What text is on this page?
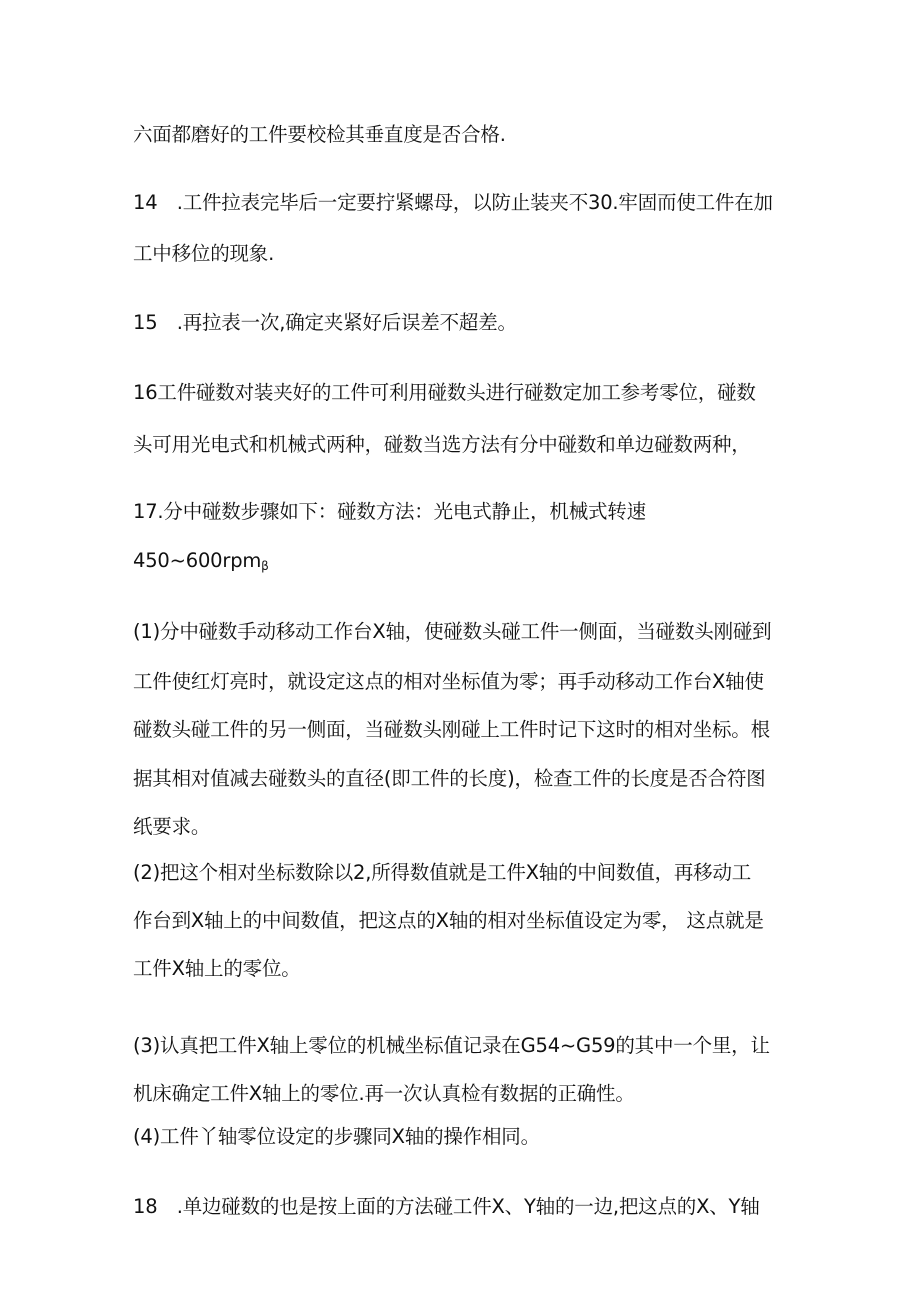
六面都磨好的工件要校检其垂直度是否合格.
14　.工件拉表完毕后一定要拧紧螺母，以防止装夹不30.牢固而使工件在加
工中移位的现象.
15　.再拉表一次,确定夹紧好后误差不超差。
16工件碰数对装夹好的工件可利用碰数头进行碰数定加工参考零位，碰数
头可用光电式和机械式两种，碰数当选方法有分中碰数和单边碰数两种，
17.分中碰数步骤如下：碰数方法：光电式静止，机械式转速
450~600rpm$_\beta$
(1)分中碰数手动移动工作台X轴，使碰数头碰工件一侧面，当碰数头刚碰到
工件使红灯亮时，就设定这点的相对坐标值为零；再手动移动工作台X轴使
碰数头碰工件的另一侧面，当碰数头刚碰上工件时记下这时的相对坐标。根
据其相对值减去碰数头的直径(即工件的长度)，检查工件的长度是否合符图
纸要求。
(2)把这个相对坐标数除以2,所得数值就是工件X轴的中间数值，再移动工
作台到X轴上的中间数值，把这点的X轴的相对坐标值设定为零， 这点就是
工件X轴上的零位。
(3)认真把工件X轴上零位的机械坐标值记录在G54~G59的其中一个里，让
机床确定工件X轴上的零位.再一次认真检有数据的正确性。
(4)工件丫轴零位设定的步骤同X轴的操作相同。
18　.单边碰数的也是按上面的方法碰工件X、Y轴的一边,把这点的X、Y轴
